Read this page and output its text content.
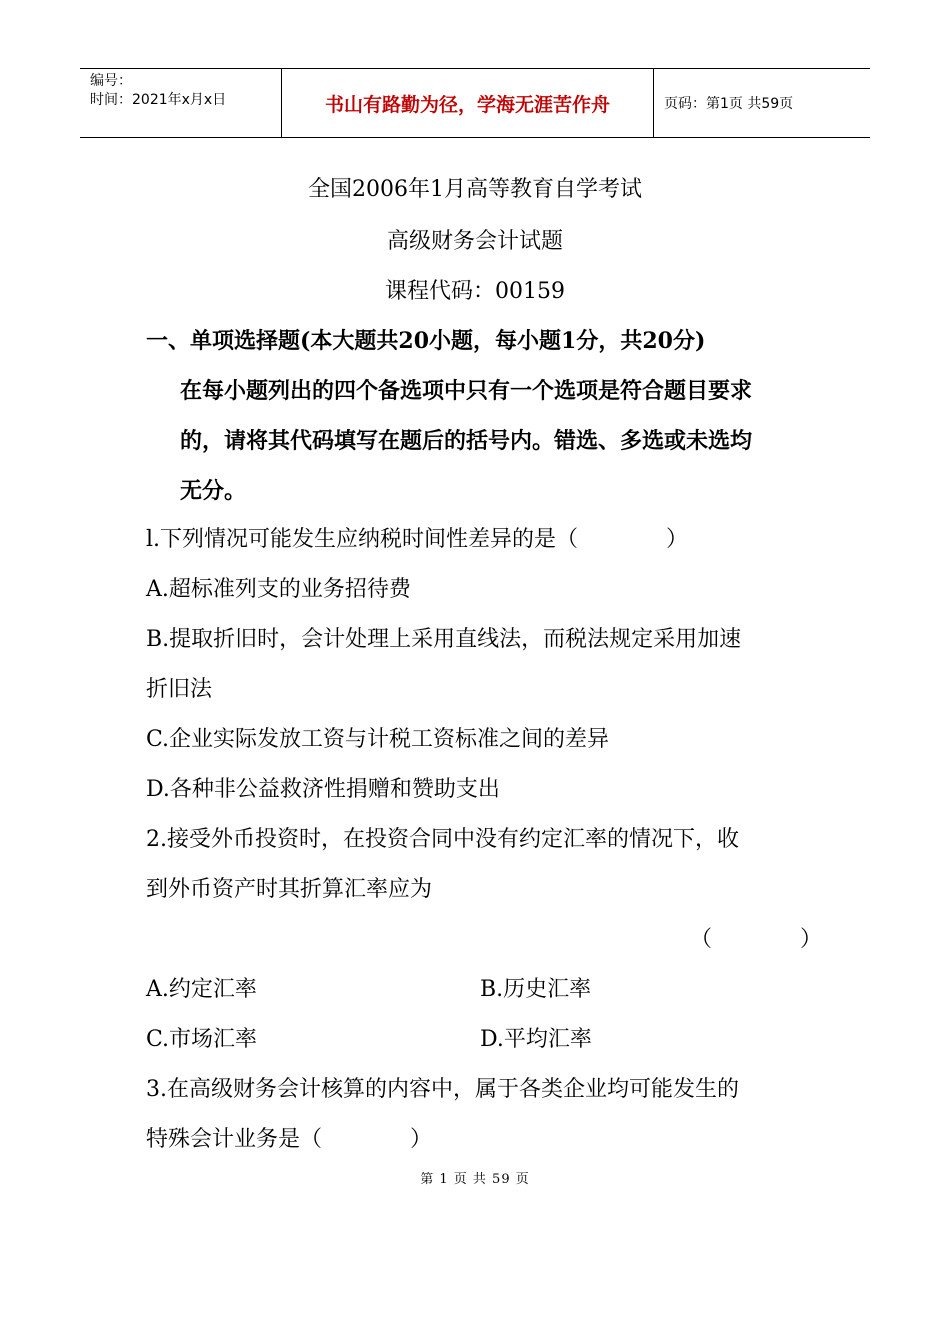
编号：
时间：2021年x月x日	书山有路勤为径，学海无涯苦作舟	页码：第1页 共59页
全国2006年1月高等教育自学考试
高级财务会计试题
课程代码：00159
一、单项选择题(本大题共20小题，每小题1分，共20分)
在每小题列出的四个备选项中只有一个选项是符合题目要求
的，请将其代码填写在题后的括号内。错选、多选或未选均
无分。
l.下列情况可能发生应纳税时间性差异的是（　　　　）
A.超标准列支的业务招待费
B.提取折旧时，会计处理上采用直线法，而税法规定采用加速
折旧法
C.企业实际发放工资与计税工资标准之间的差异
D.各种非公益救济性捐赠和赞助支出
2.接受外币投资时，在投资合同中没有约定汇率的情况下，收
到外币资产时其折算汇率应为
（　　　　）
A.约定汇率	B.历史汇率
C.市场汇率	D.平均汇率
3.在高级财务会计核算的内容中，属于各类企业均可能发生的
特殊会计业务是（　　　　）
第 1 页 共 59 页
